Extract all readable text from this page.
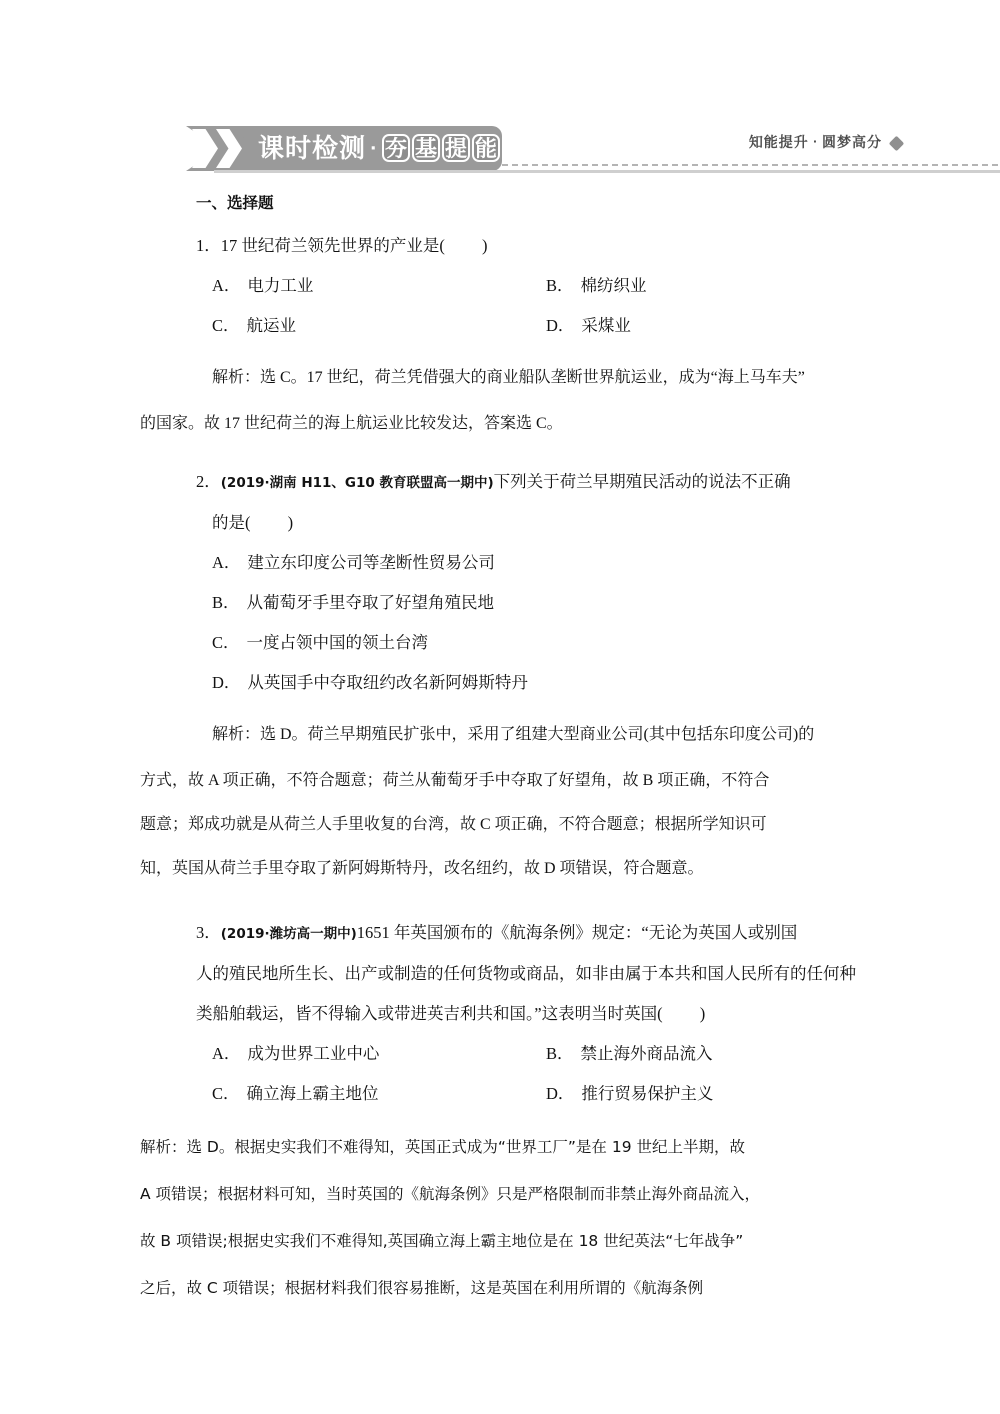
课时检测 · 夯 基 提 能	知能提升 · 圆梦高分
一、选择题
1．17 世纪荷兰领先世界的产业是( )
A． 电力工业	B． 棉纺织业
C． 航运业	D． 采煤业
解析：选 C。17 世纪，荷兰凭借强大的商业船队垄断世界航运业，成为“海上马车夫”
的国家。故 17 世纪荷兰的海上航运业比较发达，答案选 C。
2．(2019·湖南 H11、G10 教育联盟高一期中)下列关于荷兰早期殖民活动的说法不正确
的是( )
A． 建立东印度公司等垄断性贸易公司
B． 从葡萄牙手里夺取了好望角殖民地
C． 一度占领中国的领土台湾
D． 从英国手中夺取纽约改名新阿姆斯特丹
解析：选 D。荷兰早期殖民扩张中，采用了组建大型商业公司(其中包括东印度公司)的
方式，故 A 项正确，不符合题意；荷兰从葡萄牙手中夺取了好望角，故 B 项正确，不符合
题意；郑成功就是从荷兰人手里收复的台湾，故 C 项正确，不符合题意；根据所学知识可
知，英国从荷兰手里夺取了新阿姆斯特丹，改名纽约，故 D 项错误，符合题意。
3．(2019·潍坊高一期中)1651 年英国颁布的《航海条例》规定：“无论为英国人或别国
人的殖民地所生长、出产或制造的任何货物或商品，如非由属于本共和国人民所有的任何种
类船舶载运，皆不得输入或带进英吉利共和国。”这表明当时英国( )
A． 成为世界工业中心	B． 禁止海外商品流入
C． 确立海上霸主地位	D． 推行贸易保护主义
解析：选 D。根据史实我们不难得知，英国正式成为“世界工厂”是在 19 世纪上半期，故
A 项错误；根据材料可知，当时英国的《航海条例》只是严格限制而非禁止海外商品流入，
故 B 项错误;根据史实我们不难得知,英国确立海上霸主地位是在 18 世纪英法“七年战争”
之后，故 C 项错误；根据材料我们很容易推断，这是英国在利用所谓的《航海条例
